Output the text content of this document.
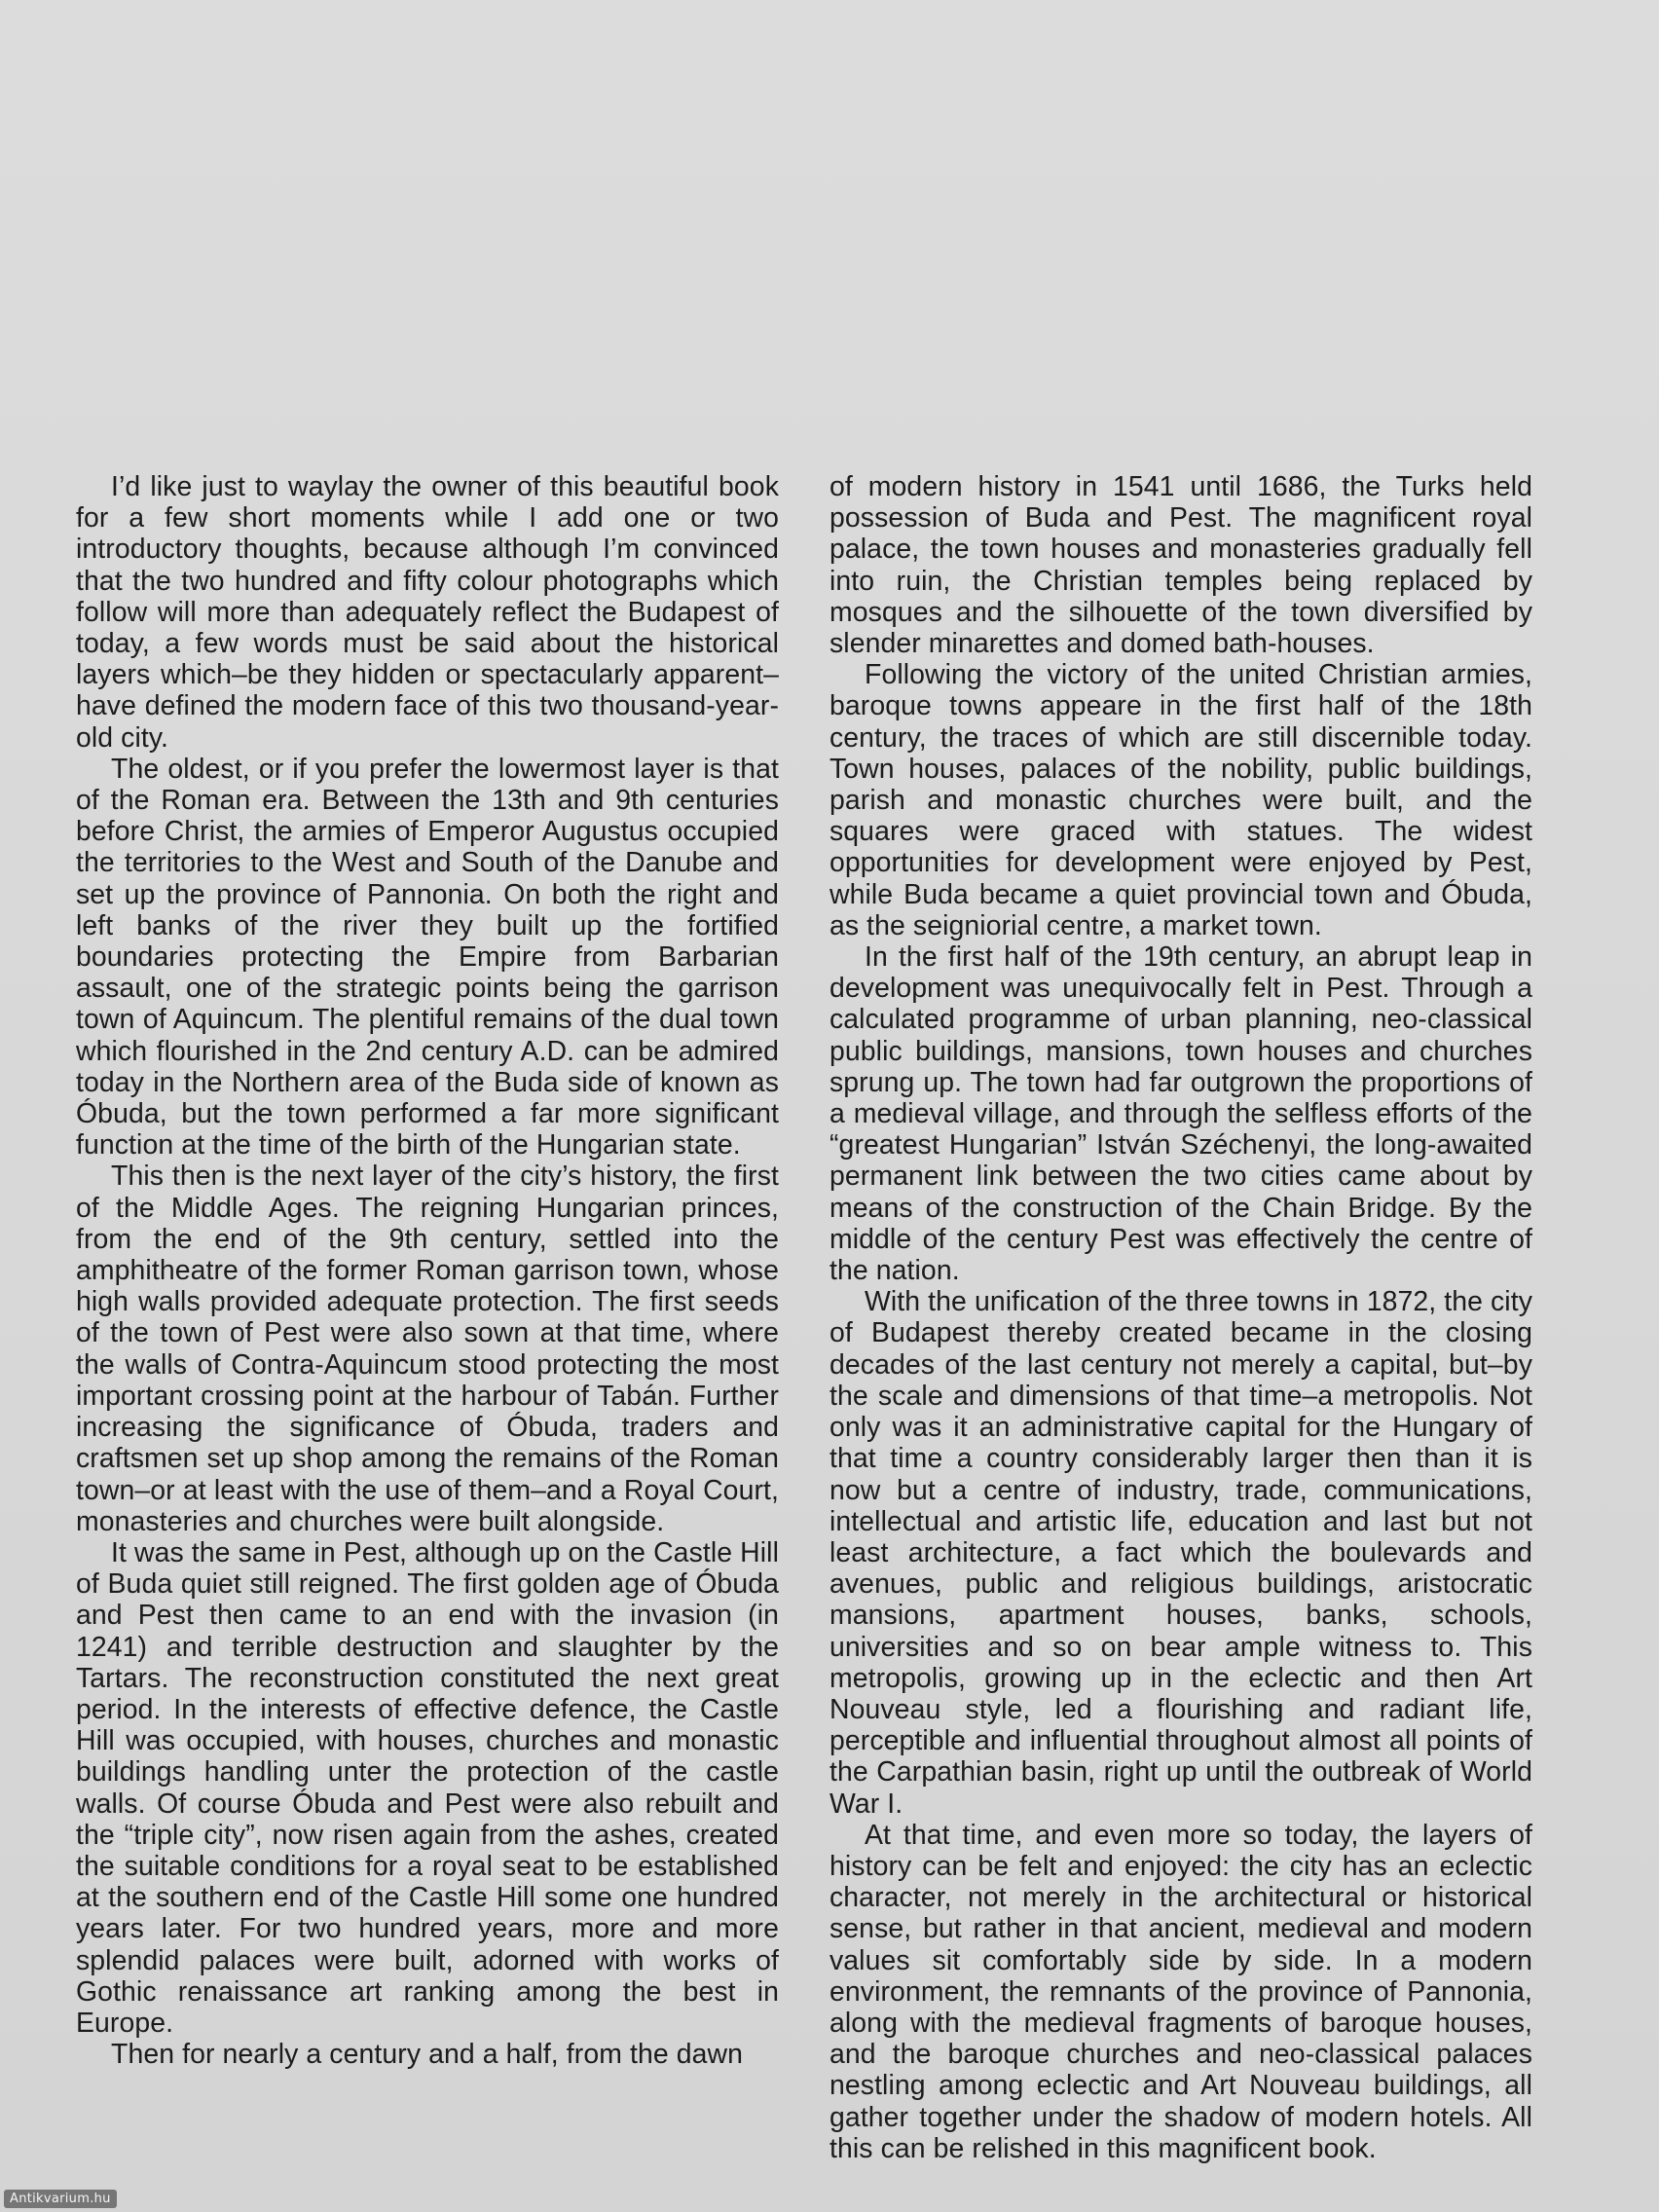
I’d like just to waylay the owner of this beautiful book for a few short moments while I add one or two introductory thoughts, because although I’m convinced that the two hundred and fifty colour photographs which follow will more than adequately reflect the Budapest of today, a few words must be said about the historical layers which–be they hidden or spectacularly apparent–have defined the modern face of this two thousand-year-old city.

The oldest, or if you prefer the lowermost layer is that of the Roman era. Between the 13th and 9th centuries before Christ, the armies of Emperor Augustus occupied the territories to the West and South of the Danube and set up the province of Pannonia. On both the right and left banks of the river they built up the fortified boundaries protecting the Empire from Barbarian assault, one of the strategic points being the garrison town of Aquincum. The plentiful remains of the dual town which flourished in the 2nd century A.D. can be admired today in the Northern area of the Buda side of known as Óbuda, but the town performed a far more significant function at the time of the birth of the Hungarian state.

This then is the next layer of the city’s history, the first of the Middle Ages. The reigning Hungarian princes, from the end of the 9th century, settled into the amphitheatre of the former Roman garrison town, whose high walls provided adequate protection. The first seeds of the town of Pest were also sown at that time, where the walls of Contra-Aquincum stood protecting the most important crossing point at the harbour of Tabán. Further increasing the significance of Óbuda, traders and craftsmen set up shop among the remains of the Roman town–or at least with the use of them–and a Royal Court, monasteries and churches were built alongside.

It was the same in Pest, although up on the Castle Hill of Buda quiet still reigned. The first golden age of Óbuda and Pest then came to an end with the invasion (in 1241) and terrible destruction and slaughter by the Tartars. The reconstruction constituted the next great period. In the interests of effective defence, the Castle Hill was occupied, with houses, churches and monastic buildings handling unter the protection of the castle walls. Of course Óbuda and Pest were also rebuilt and the “triple city”, now risen again from the ashes, created the suitable conditions for a royal seat to be established at the southern end of the Castle Hill some one hundred years later. For two hundred years, more and more splendid palaces were built, adorned with works of Gothic renaissance art ranking among the best in Europe.

Then for nearly a century and a half, from the dawn

of modern history in 1541 until 1686, the Turks held possession of Buda and Pest. The magnificent royal palace, the town houses and monasteries gradually fell into ruin, the Christian temples being replaced by mosques and the silhouette of the town diversified by slender minarettes and domed bath-houses.

Following the victory of the united Christian armies, baroque towns appeare in the first half of the 18th century, the traces of which are still discernible today. Town houses, palaces of the nobility, public buildings, parish and monastic churches were built, and the squares were graced with statues. The widest opportunities for development were enjoyed by Pest, while Buda became a quiet provincial town and Óbuda, as the seigniorial centre, a market town.

In the first half of the 19th century, an abrupt leap in development was unequivocally felt in Pest. Through a calculated programme of urban planning, neo-classical public buildings, mansions, town houses and churches sprung up. The town had far outgrown the proportions of a medieval village, and through the selfless efforts of the “greatest Hungarian” István Széchenyi, the long-awaited permanent link between the two cities came about by means of the construction of the Chain Bridge. By the middle of the century Pest was effectively the centre of the nation.

With the unification of the three towns in 1872, the city of Budapest thereby created became in the closing decades of the last century not merely a capital, but–by the scale and dimensions of that time–a metropolis. Not only was it an administrative capital for the Hungary of that time a country considerably larger then than it is now but a centre of industry, trade, communications, intellectual and artistic life, education and last but not least architecture, a fact which the boulevards and avenues, public and religious buildings, aristocratic mansions, apartment houses, banks, schools, universities and so on bear ample witness to. This metropolis, growing up in the eclectic and then Art Nouveau style, led a flourishing and radiant life, perceptible and influential throughout almost all points of the Carpathian basin, right up until the outbreak of World War I.

At that time, and even more so today, the layers of history can be felt and enjoyed: the city has an eclectic character, not merely in the architectural or historical sense, but rather in that ancient, medieval and modern values sit comfortably side by side. In a modern environment, the remnants of the province of Pannonia, along with the medieval fragments of baroque houses, and the baroque churches and neo-classical palaces nestling among eclectic and Art Nouveau buildings, all gather together under the shadow of modern hotels. All this can be relished in this magnificent book.

Antikvarium.hu
